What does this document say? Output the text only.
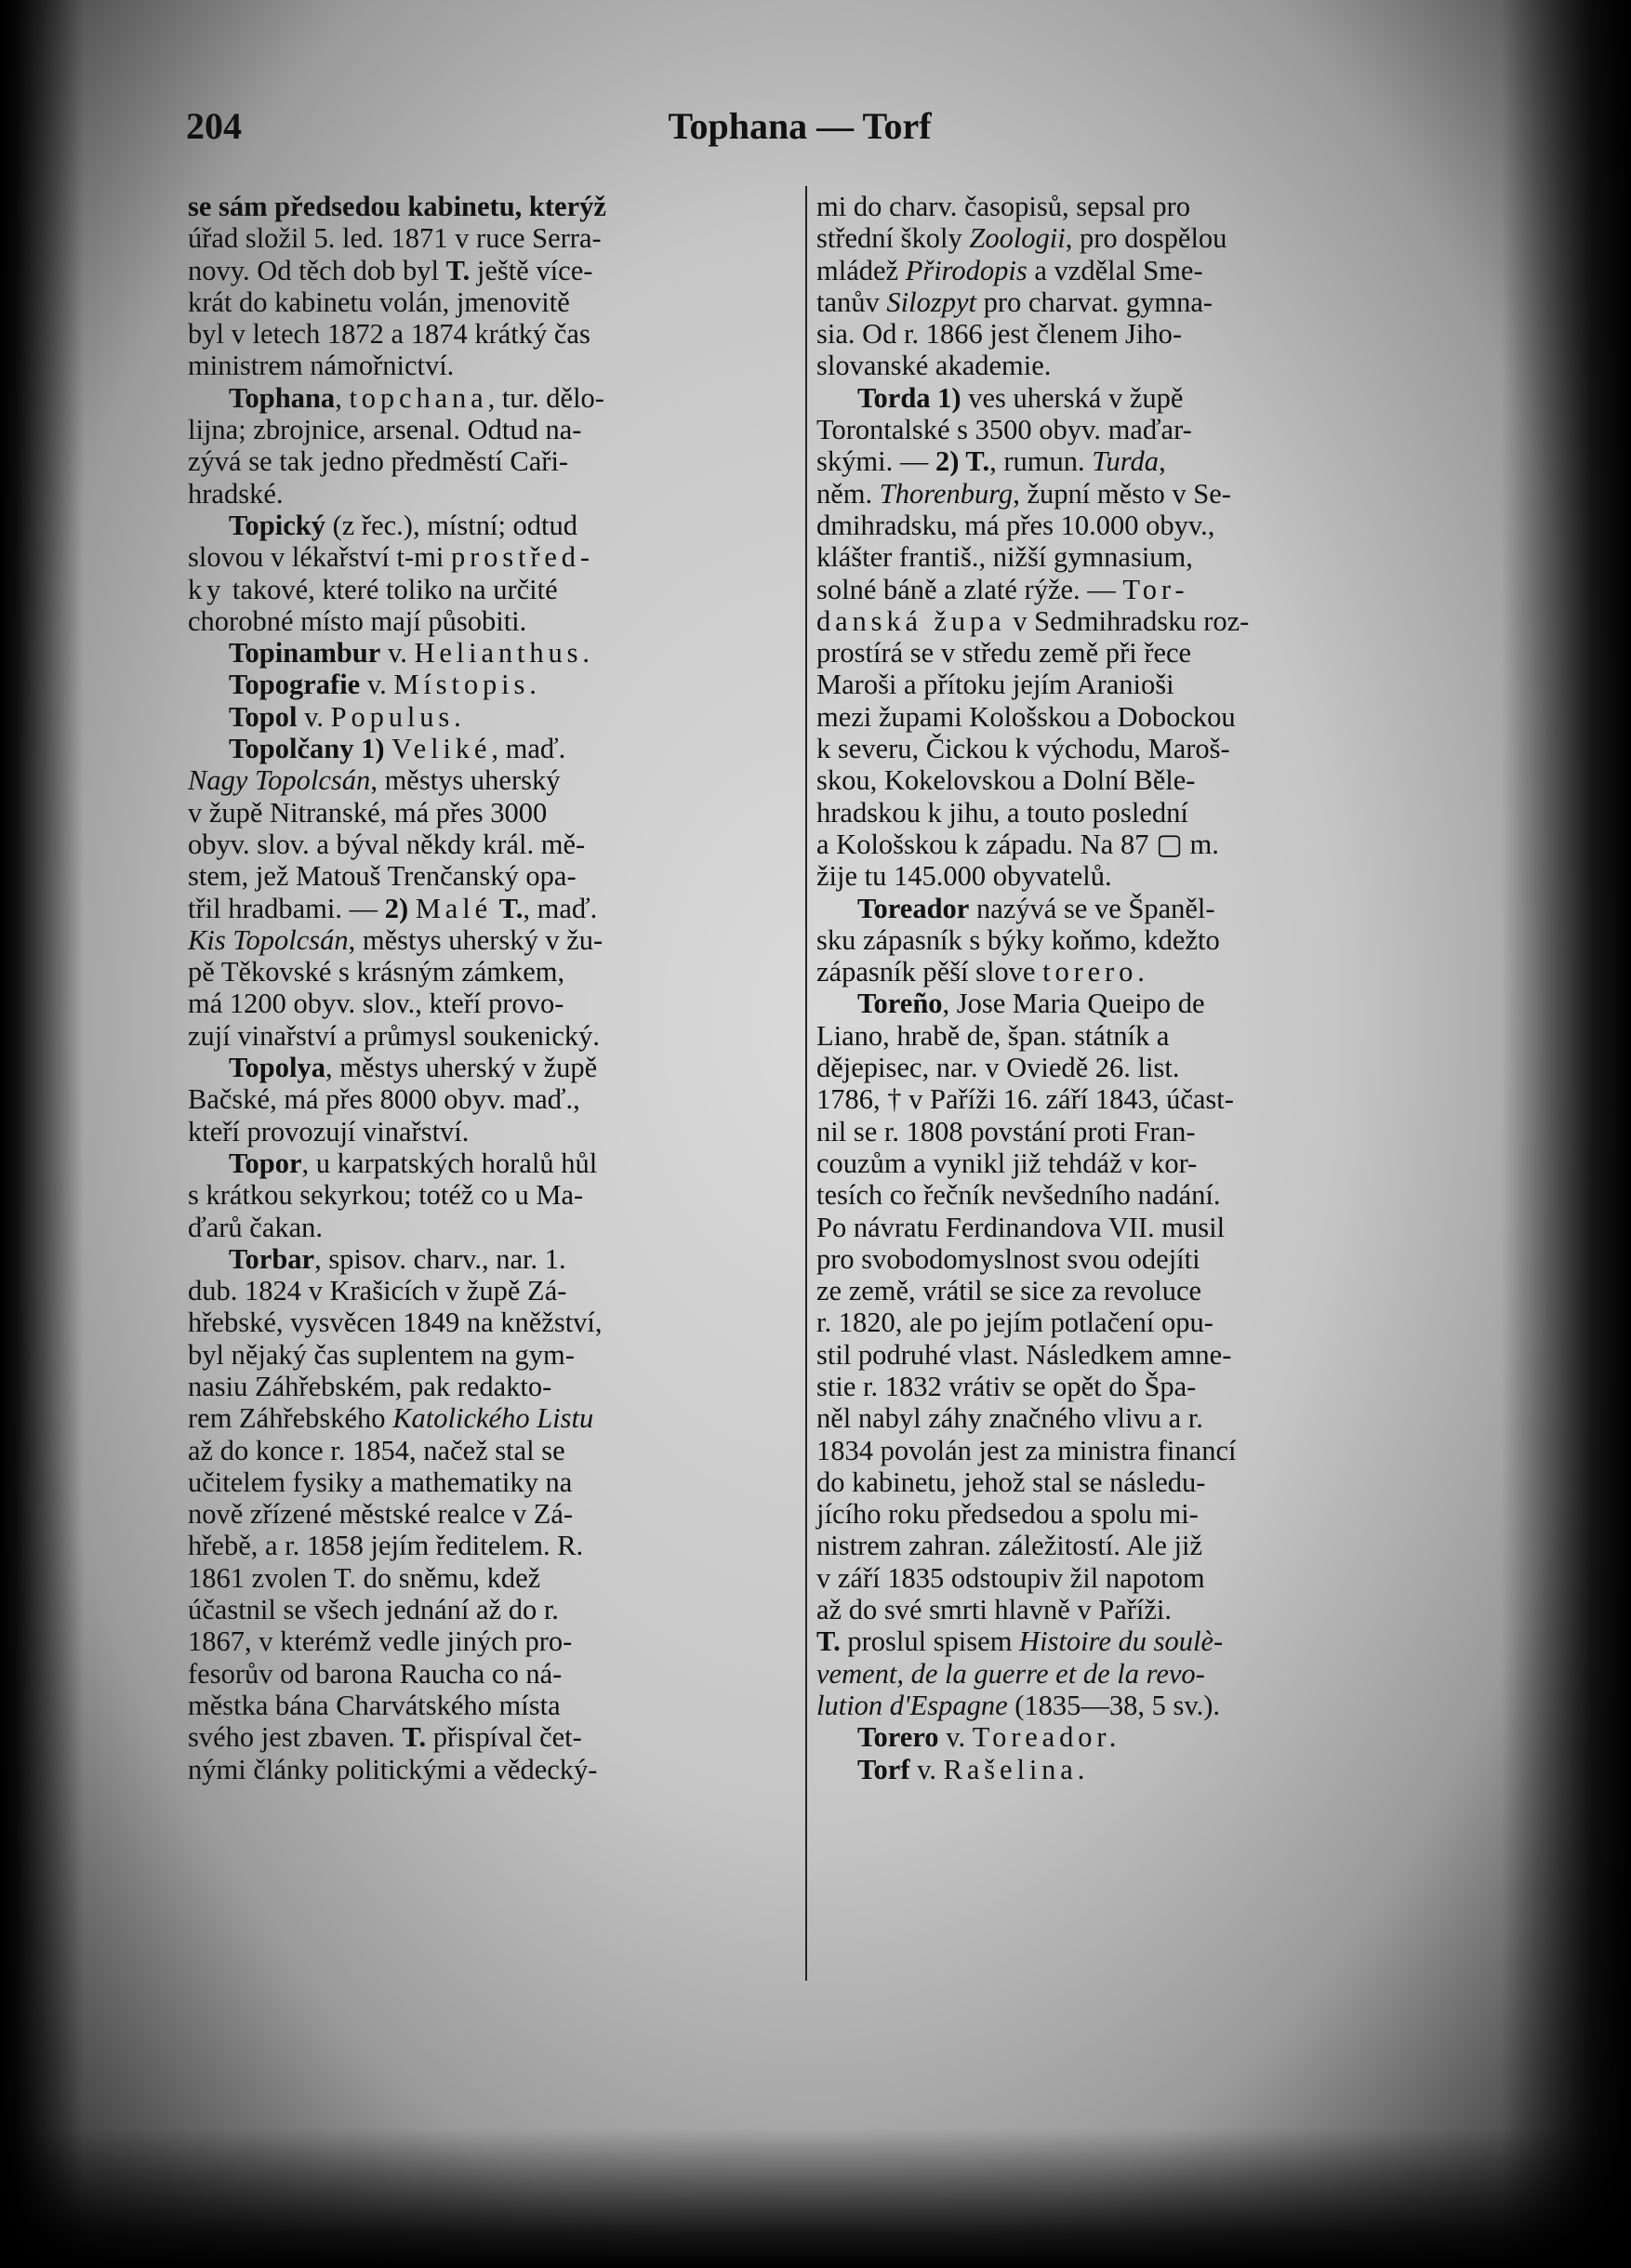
204	Tophana — Torf
se sám předsedou kabinetu, kterýž
úřad složil 5. led. 1871 v ruce Serra-
novy. Od těch dob byl T. ještě více-
krát do kabinetu volán, jmenovitě
byl v letech 1872 a 1874 krátký čas
ministrem námořnictví.
Tophana, topchana, tur. dělo-
lijna; zbrojnice, arsenal. Odtud na-
zývá se tak jedno předměstí Caři-
hradské.
Topický (z řec.), místní; odtud
slovou v lékařství t-mi prostřed-
ky takové, které toliko na určité
chorobné místo mají působiti.
Topinambur v. Helianthus.
Topografie v. Místopis.
Topol v. Populus.
Topolčany 1) Veliké, maď.
Nagy Topolcsán, městys uherský
v župě Nitranské, má přes 3000
obyv. slov. a býval někdy král. mě-
stem, jež Matouš Trenčanský opa-
třil hradbami. — 2) Malé T., maď.
Kis Topolcsán, městys uherský v žu-
pě Těkovské s krásným zámkem,
má 1200 obyv. slov., kteří provo-
zují vinařství a průmysl soukenický.
Topolya, městys uherský v župě
Bačské, má přes 8000 obyv. maď.,
kteří provozují vinařství.
Topor, u karpatských horalů hůl
s krátkou sekyrkou; totéž co u Ma-
ďarů čakan.
Torbar, spisov. charv., nar. 1.
dub. 1824 v Krašicích v župě Zá-
hřebské, vysvěcen 1849 na kněžství,
byl nějaký čas suplentem na gym-
nasiu Záhřebském, pak redakto-
rem Záhřebského Katolického Listu
až do konce r. 1854, načež stal se
učitelem fysiky a mathematiky na
nově zřízené městské realce v Zá-
hřebě, a r. 1858 jejím ředitelem. R.
1861 zvolen T. do sněmu, kdež
účastnil se všech jednání až do r.
1867, v kterémž vedle jiných pro-
fesorův od barona Raucha co ná-
městka bána Charvátského místa
svého jest zbaven. T. přispíval čet-
nými články politickými a vědecký-
mi do charv. časopisů, sepsal pro
střední školy Zoologii, pro dospělou
mládež Přirodopis a vzdělal Sme-
tanův Silozpyt pro charvat. gymna-
sia. Od r. 1866 jest členem Jiho-
slovanské akademie.
Torda 1) ves uherská v župě
Torontalské s 3500 obyv. maďar-
skými. — 2) T., rumun. Turda,
něm. Thorenburg, župní město v Se-
dmihradsku, má přes 10.000 obyv.,
klášter františ., nižší gymnasium,
solné báně a zlaté rýže. — Tor-
danská župa v Sedmihradsku roz-
prostírá se v středu země při řece
Maroši a přítoku jejím Aranioši
mezi župami Kološskou a Dobockou
k severu, Čickou k východu, Maroš-
skou, Kokelovskou a Dolní Běle-
hradskou k jihu, a touto poslední
a Kološskou k západu. Na 87 ▢ m.
žije tu 145.000 obyvatelů.
Toreador nazývá se ve Španěl-
sku zápasník s býky koňmo, kdežto
zápasník pěší slove torero.
Toreño, Jose Maria Queipo de
Liano, hrabě de, špan. státník a
dějepisec, nar. v Oviedě 26. list.
1786, † v Paříži 16. září 1843, účast-
nil se r. 1808 povstání proti Fran-
couzům a vynikl již tehdáž v kor-
tesích co řečník nevšedního nadání.
Po návratu Ferdinandova VII. musil
pro svobodomyslnost svou odejíti
ze země, vrátil se sice za revoluce
r. 1820, ale po jejím potlačení opu-
stil podruhé vlast. Následkem amne-
stie r. 1832 vrátiv se opět do Špa-
něl nabyl záhy značného vlivu a r.
1834 povolán jest za ministra financí
do kabinetu, jehož stal se následu-
jícího roku předsedou a spolu mi-
nistrem zahran. záležitostí. Ale již
v září 1835 odstoupiv žil napotom
až do své smrti hlavně v Paříži.
T. proslul spisem Histoire du soulè-
vement, de la guerre et de la revo-
lution d'Espagne (1835—38, 5 sv.).
Torero v. Toreador.
Torf v. Rašelina.
